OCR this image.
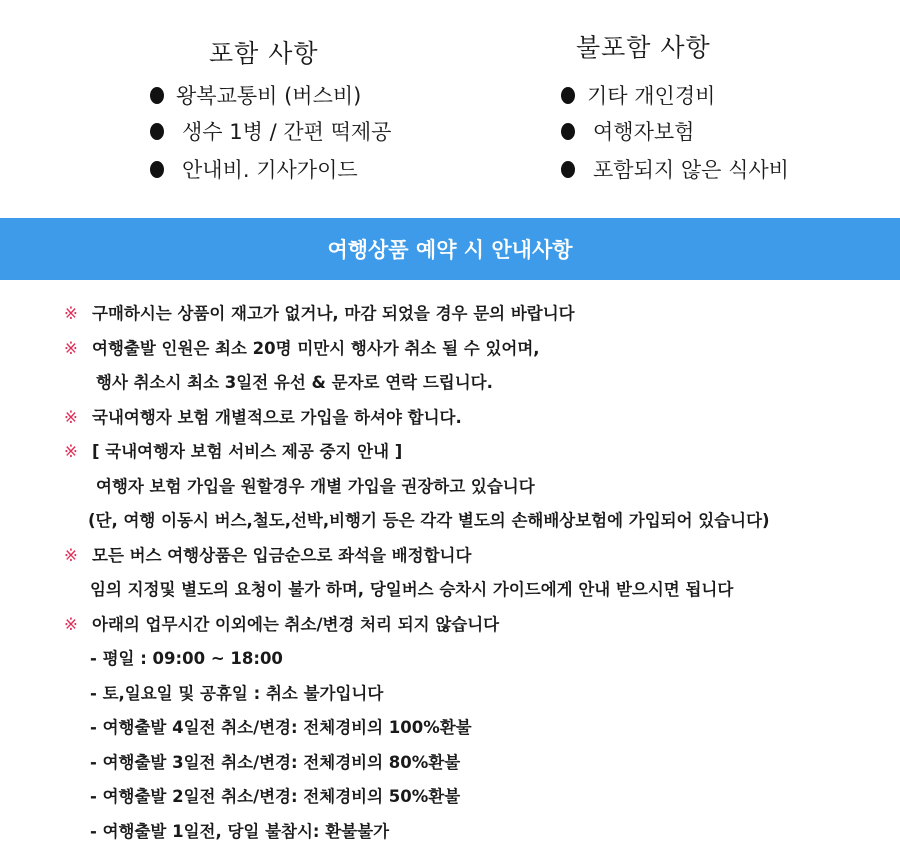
포함 사항
왕복교통비 (버스비)
생수 1병 / 간편 떡제공
안내비. 기사가이드
불포함 사항
기타 개인경비
여행자보험
포함되지 않은 식사비
여행상품 예약 시 안내사항
※ 구매하시는 상품이 재고가 없거나, 마감 되었을 경우 문의 바랍니다
※ 여행출발 인원은 최소 20명 미만시 행사가 취소 될 수 있어며,
행사 취소시 최소 3일전 유선 & 문자로 연락 드립니다.
※ 국내여행자 보험 개별적으로 가입을 하셔야 합니다.
※ [ 국내여행자 보험 서비스 제공 중지 안내 ]
여행자 보험 가입을 원할경우 개별 가입을 권장하고 있습니다
(단, 여행 이동시 버스,철도,선박,비행기 등은 각각 별도의 손해배상보험에 가입되어 있습니다)
※ 모든 버스 여행상품은 입금순으로 좌석을 배정합니다
임의 지정및 별도의 요청이 불가 하며, 당일버스 승차시 가이드에게 안내 받으시면 됩니다
※ 아래의 업무시간 이외에는 취소/변경 처리 되지 않습니다
- 평일 : 09:00 ~ 18:00
- 토,일요일 및 공휴일 : 취소 불가입니다
- 여행출발 4일전 취소/변경: 전체경비의 100%환불
- 여행출발 3일전 취소/변경: 전체경비의 80%환불
- 여행출발 2일전 취소/변경: 전체경비의 50%환불
- 여행출발 1일전, 당일 불참시: 환불불가
